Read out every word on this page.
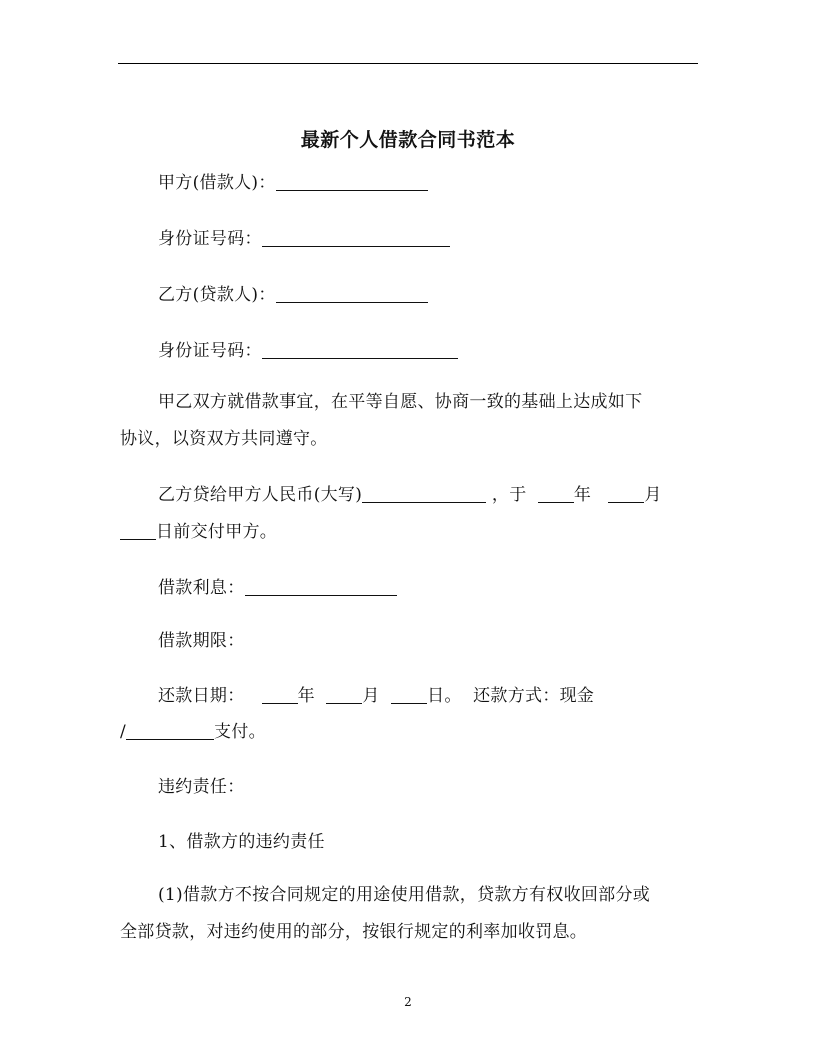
最新个人借款合同书范本
甲方(借款人)：
身份证号码：
乙方(贷款人)：
身份证号码：
甲乙双方就借款事宜，在平等自愿、协商一致的基础上达成如下
协议，以资双方共同遵守。
乙方贷给甲方人民币(大写)	，于	年	月
日前交付甲方。
借款利息：
借款期限：
还款日期：	年	月	日。 还款方式：现金
/	支付。
违约责任：
1、借款方的违约责任
(1)借款方不按合同规定的用途使用借款，贷款方有权收回部分或
全部贷款，对违约使用的部分，按银行规定的利率加收罚息。
2
